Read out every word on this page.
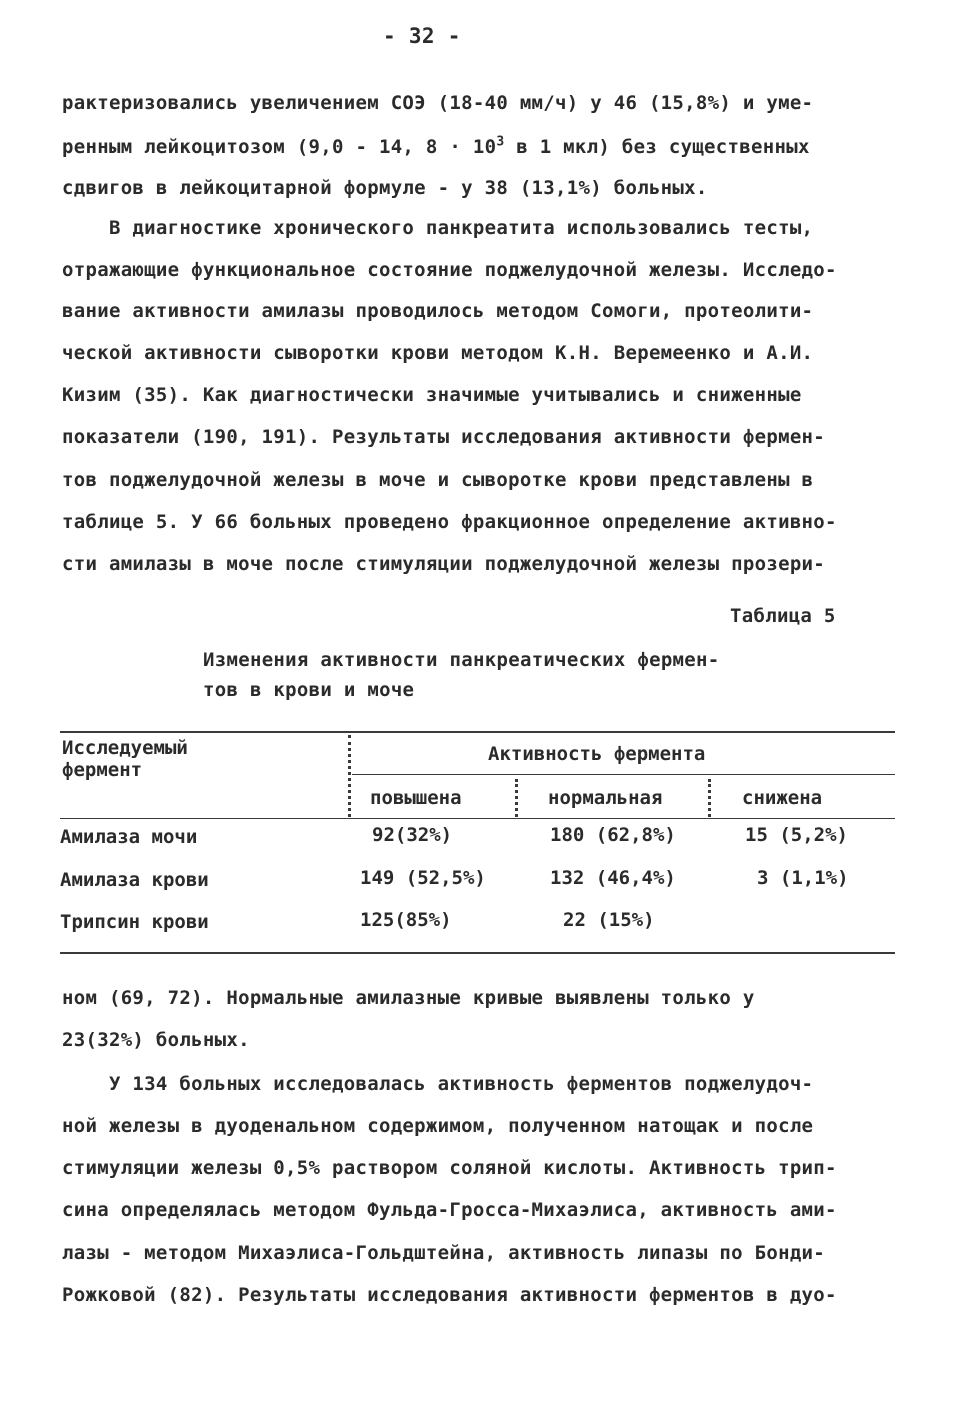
- 32 -
рактеризовались увеличением СОЭ (18-40 мм/ч) у 46 (15,8%) и уме-
ренным лейкоцитозом (9,0 - 14, $8 \cdot 10^3$ в 1 мкл) без существенных
сдвигов в лейкоцитарной формуле - у 38 (13,1%) больных.
В диагностике хронического панкреатита использовались тесты,
отражающие функциональное состояние поджелудочной железы. Исследо-
вание активности амилазы проводилось методом Сомоги, протеолити-
ческой активности сыворотки крови методом К.Н. Веремеенко и А.И.
Кизим (35). Как диагностически значимые учитывались и сниженные
показатели (190, 191). Результаты исследования активности фермен-
тов поджелудочной железы в моче и сыворотке крови представлены в
таблице 5. У 66 больных проведено фракционное определение активно-
сти амилазы в моче после стимуляции поджелудочной железы прозери-
Таблица 5
Изменения активности панкреатических фермен-
тов в крови и моче
Исследуемый
фермент
Активность фермента
повышена	нормальная	снижена
Амилаза мочи	92(32%)	180 (62,8%)	15 (5,2%)
Амилаза крови	149 (52,5%)	132 (46,4%)	3 (1,1%)
Трипсин крови	125(85%)	22 (15%)
ном (69, 72). Нормальные амилазные кривые выявлены только у
23(32%) больных.
У 134 больных исследовалась активность ферментов поджелудоч-
ной железы в дуоденальном содержимом, полученном натощак и после
стимуляции железы 0,5% раствором соляной кислоты. Активность трип-
сина определялась методом Фульда-Гросса-Михаэлиса, активность ами-
лазы - методом Михаэлиса-Гольдштейна, активность липазы по Бонди-
Рожковой (82). Результаты исследования активности ферментов в дуо-
